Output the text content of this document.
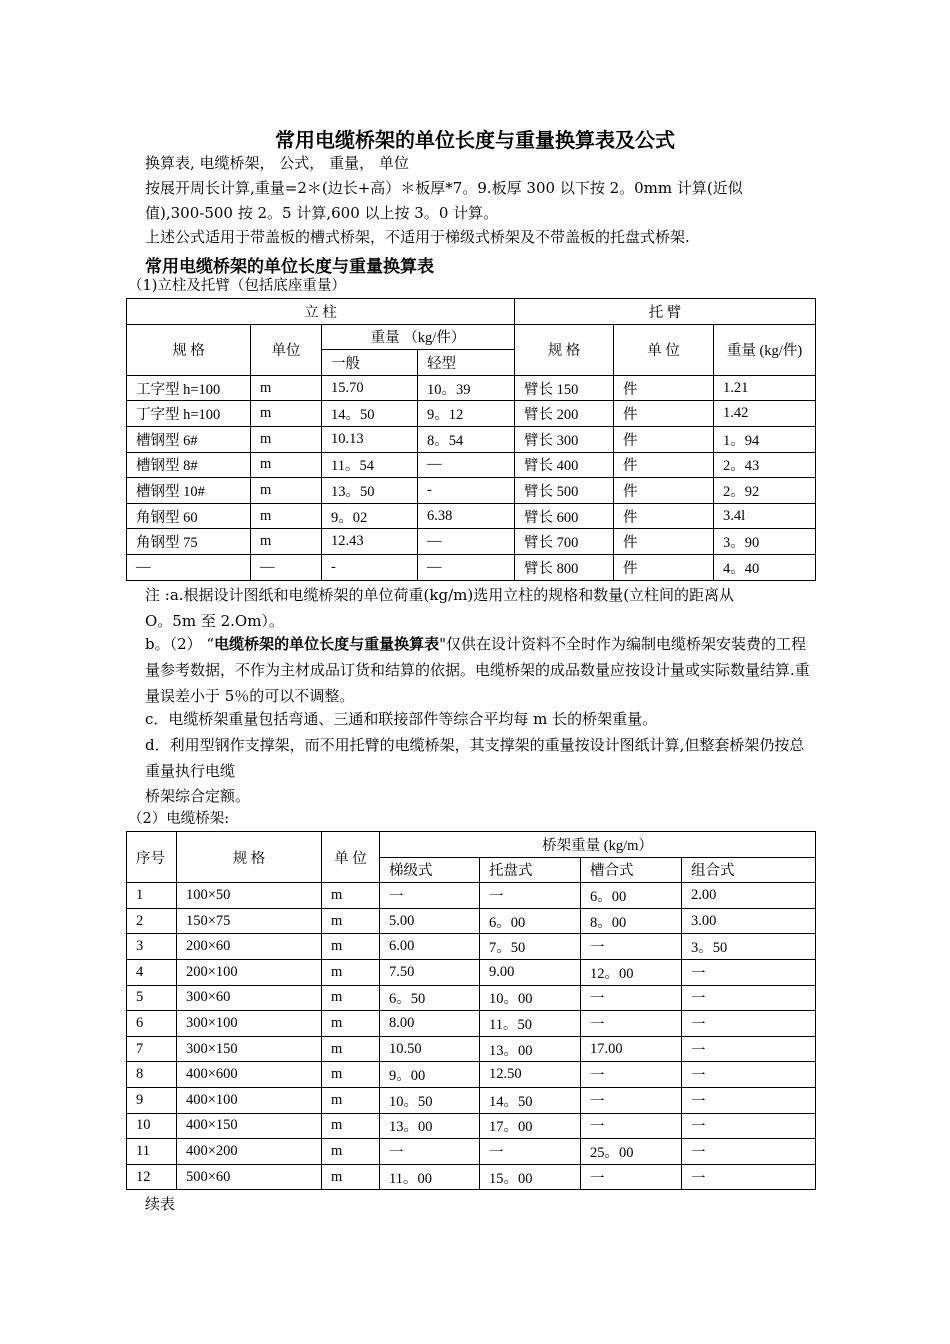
常用电缆桥架的单位长度与重量换算表及公式
换算表, 电缆桥架， 公式， 重量， 单位
按展开周长计算,重量=2＊(边长+高）＊板厚*7。9.板厚 300 以下按 2。0mm 计算(近似
值),300-500 按 2。5 计算,600 以上按 3。0 计算。
上述公式适用于带盖板的槽式桥架，不适用于梯级式桥架及不带盖板的托盘式桥架.
常用电缆桥架的单位长度与重量换算表
（1)立柱及托臂（包括底座重量）
立 柱				托 臂		
规 格	单位	重量 （kg/件）		规 格	单 位	重量 (kg/件)
		一般	轻型			
工字型 h=100	m	15.70	10。39	臂长 150	件	1.21
丁字型 h=100	m	14。50	9。12	臂长 200	件	1.42
槽钢型 6#	m	10.13	8。54	臂长 300	件	1。94
槽钢型 8#	m	11。54	—	臂长 400	件	2。43
槽钢型 10#	m	13。50	-	臂长 500	件	2。92
角钢型 60	m	9。02	6.38	臂长 600	件	3.4l
角钢型 75	m	12.43	—	臂长 700	件	3。90
—	—	-	—	臂长 800	件	4。40
注 :a.根据设计图纸和电缆桥架的单位荷重(kg/m)选用立柱的规格和数量(立柱间的距离从
O。5m 至 2.Om）。
b。（2） “电缆桥架的单位长度与重量换算表"仅供在设计资料不全时作为编制电缆桥架安装费的工程量参考数据，不作为主材成品订货和结算的依据。电缆桥架的成品数量应按设计量或实际数量结算.重量误差小于 5％的可以不调整。
c．电缆桥架重量包括弯通、三通和联接部件等综合平均每 m 长的桥架重量。
d．利用型钢作支撑架，而不用托臂的电缆桥架，其支撑架的重量按设计图纸计算,但整套桥架仍按总重量执行电缆
桥架综合定额。
（2）电缆桥架:
序号	规 格	单 位	桥架重量 (kg/m）			
			梯级式	托盘式	槽合式	组合式
1	100×50	m	一	一	6。00	2.00
2	150×75	m	5.00	6。00	8。00	3.00
3	200×60	m	6.00	7。50	一	3。50
4	200×100	m	7.50	9.00	12。00	一
5	300×60	m	6。50	10。00	一	一
6	300×100	m	8.00	11。50	一	一
7	300×150	m	10.50	13。00	17.00	一
8	400×600	m	9。00	12.50	一	一
9	400×100	m	10。50	14。50	一	一
10	400×150	m	13。00	17。00	一	一
11	400×200	m	一	一	25。00	一
12	500×60	m	11。00	15。00	一	一
续表
